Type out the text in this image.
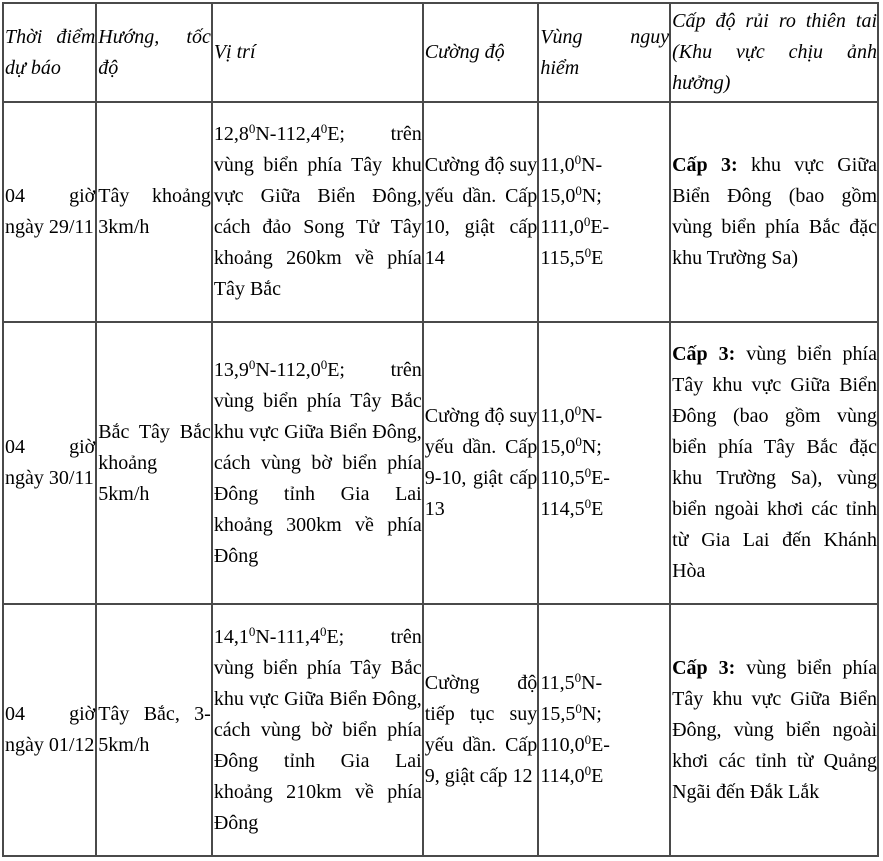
Thời điểm dự báo	Hướng, tốc độ	Vị trí	Cường độ	Vùng nguy hiểm	Cấp độ rủi ro thiên tai (Khu vực chịu ảnh hưởng)
04 giờ ngày 29/11	Tây khoảng 3km/h	12,8$^0$N-112,4$^0$E; trên vùng biển phía Tây khu vực Giữa Biển Đông, cách đảo Song Tử Tây khoảng 260km về phía Tây Bắc	Cường độ suy yếu dần. Cấp 10, giật cấp 14	11,0$^0$N-
15,0$^0$N;
111,0$^0$E-
115,5$^0$E	Cấp 3: khu vực Giữa Biển Đông (bao gồm vùng biển phía Bắc đặc khu Trường Sa)
04 giờ ngày 30/11	Bắc Tây Bắc khoảng 5km/h	13,9$^0$N-112,0$^0$E; trên vùng biển phía Tây Bắc khu vực Giữa Biển Đông, cách vùng bờ biển phía Đông tỉnh Gia Lai khoảng 300km về phía Đông	Cường độ suy yếu dần. Cấp 9-10, giật cấp 13	11,0$^0$N-
15,0$^0$N;
110,5$^0$E-
114,5$^0$E	Cấp 3: vùng biển phía Tây khu vực Giữa Biển Đông (bao gồm vùng biển phía Tây Bắc đặc khu Trường Sa), vùng biển ngoài khơi các tỉnh từ Gia Lai đến Khánh Hòa
04 giờ ngày 01/12	Tây Bắc, 3-5km/h	14,1$^0$N-111,4$^0$E; trên vùng biển phía Tây Bắc khu vực Giữa Biển Đông, cách vùng bờ biển phía Đông tỉnh Gia Lai khoảng 210km về phía Đông	Cường độ tiếp tục suy yếu dần. Cấp 9, giật cấp 12	11,5$^0$N-
15,5$^0$N;
110,0$^0$E-
114,0$^0$E	Cấp 3: vùng biển phía Tây khu vực Giữa Biển Đông, vùng biển ngoài khơi các tỉnh từ Quảng Ngãi đến Đắk Lắk
